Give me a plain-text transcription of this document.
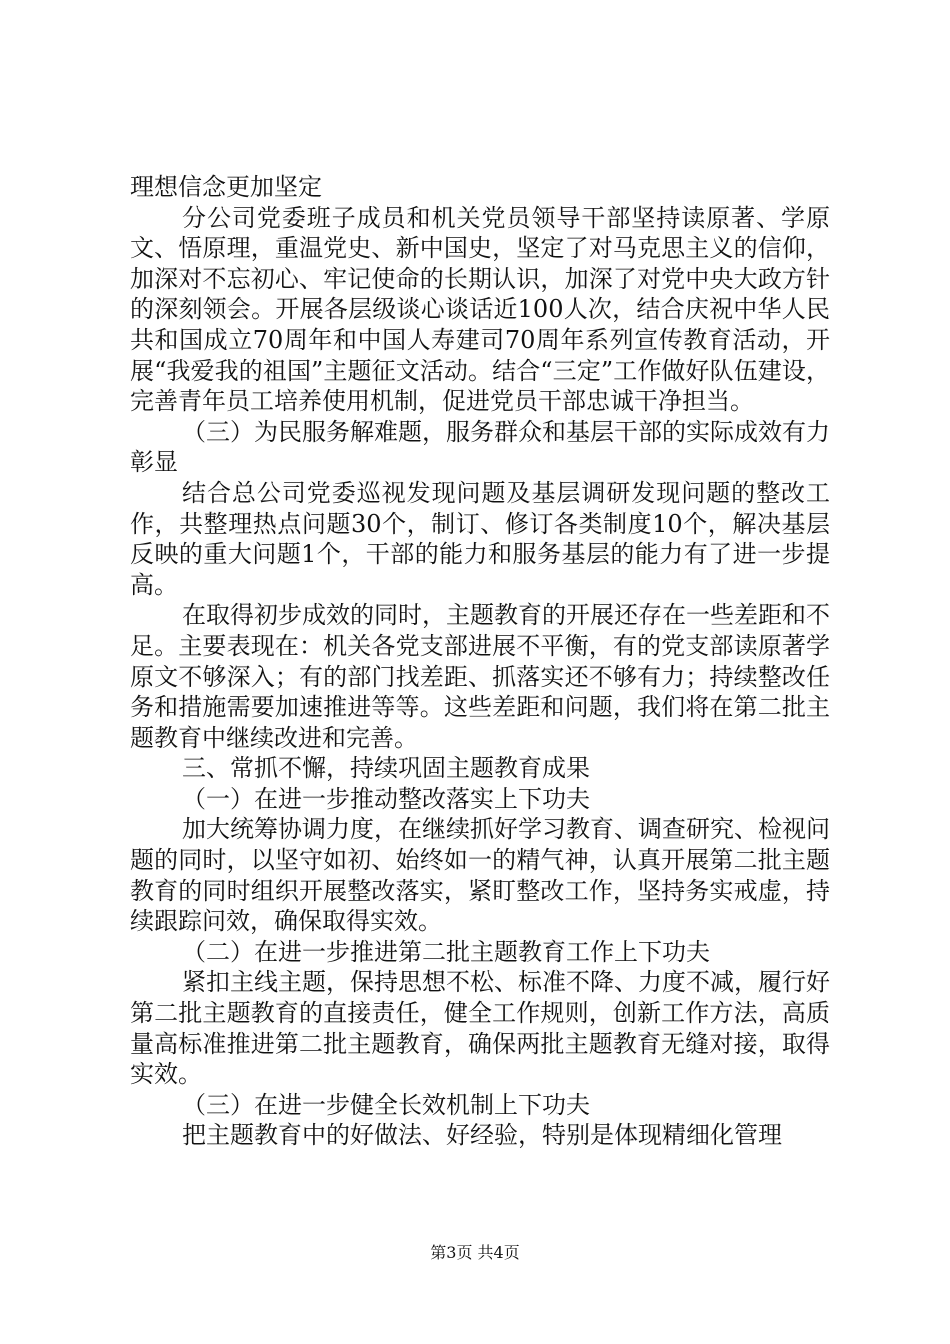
理想信念更加坚定

分公司党委班子成员和机关党员领导干部坚持读原著、学原文、悟原理，重温党史、新中国史，坚定了对马克思主义的信仰，加深对不忘初心、牢记使命的长期认识，加深了对党中央大政方针的深刻领会。开展各层级谈心谈话近100人次，结合庆祝中华人民共和国成立70周年和中国人寿建司70周年系列宣传教育活动，开展“我爱我的祖国”主题征文活动。结合“三定”工作做好队伍建设，完善青年员工培养使用机制，促进党员干部忠诚干净担当。

（三）为民服务解难题，服务群众和基层干部的实际成效有力彰显

结合总公司党委巡视发现问题及基层调研发现问题的整改工作，共整理热点问题30个，制订、修订各类制度10个，解决基层反映的重大问题1个，干部的能力和服务基层的能力有了进一步提高。

在取得初步成效的同时，主题教育的开展还存在一些差距和不足。主要表现在：机关各党支部进展不平衡，有的党支部读原著学原文不够深入；有的部门找差距、抓落实还不够有力；持续整改任务和措施需要加速推进等等。这些差距和问题，我们将在第二批主题教育中继续改进和完善。

三、常抓不懈，持续巩固主题教育成果

（一）在进一步推动整改落实上下功夫

加大统筹协调力度，在继续抓好学习教育、调查研究、检视问题的同时，以坚守如初、始终如一的精气神，认真开展第二批主题教育的同时组织开展整改落实，紧盯整改工作，坚持务实戒虚，持续跟踪问效，确保取得实效。

（二）在进一步推进第二批主题教育工作上下功夫

紧扣主线主题，保持思想不松、标准不降、力度不减，履行好第二批主题教育的直接责任，健全工作规则，创新工作方法，高质量高标准推进第二批主题教育，确保两批主题教育无缝对接，取得实效。

（三）在进一步健全长效机制上下功夫

把主题教育中的好做法、好经验，特别是体现精细化管理

第3页 共4页
